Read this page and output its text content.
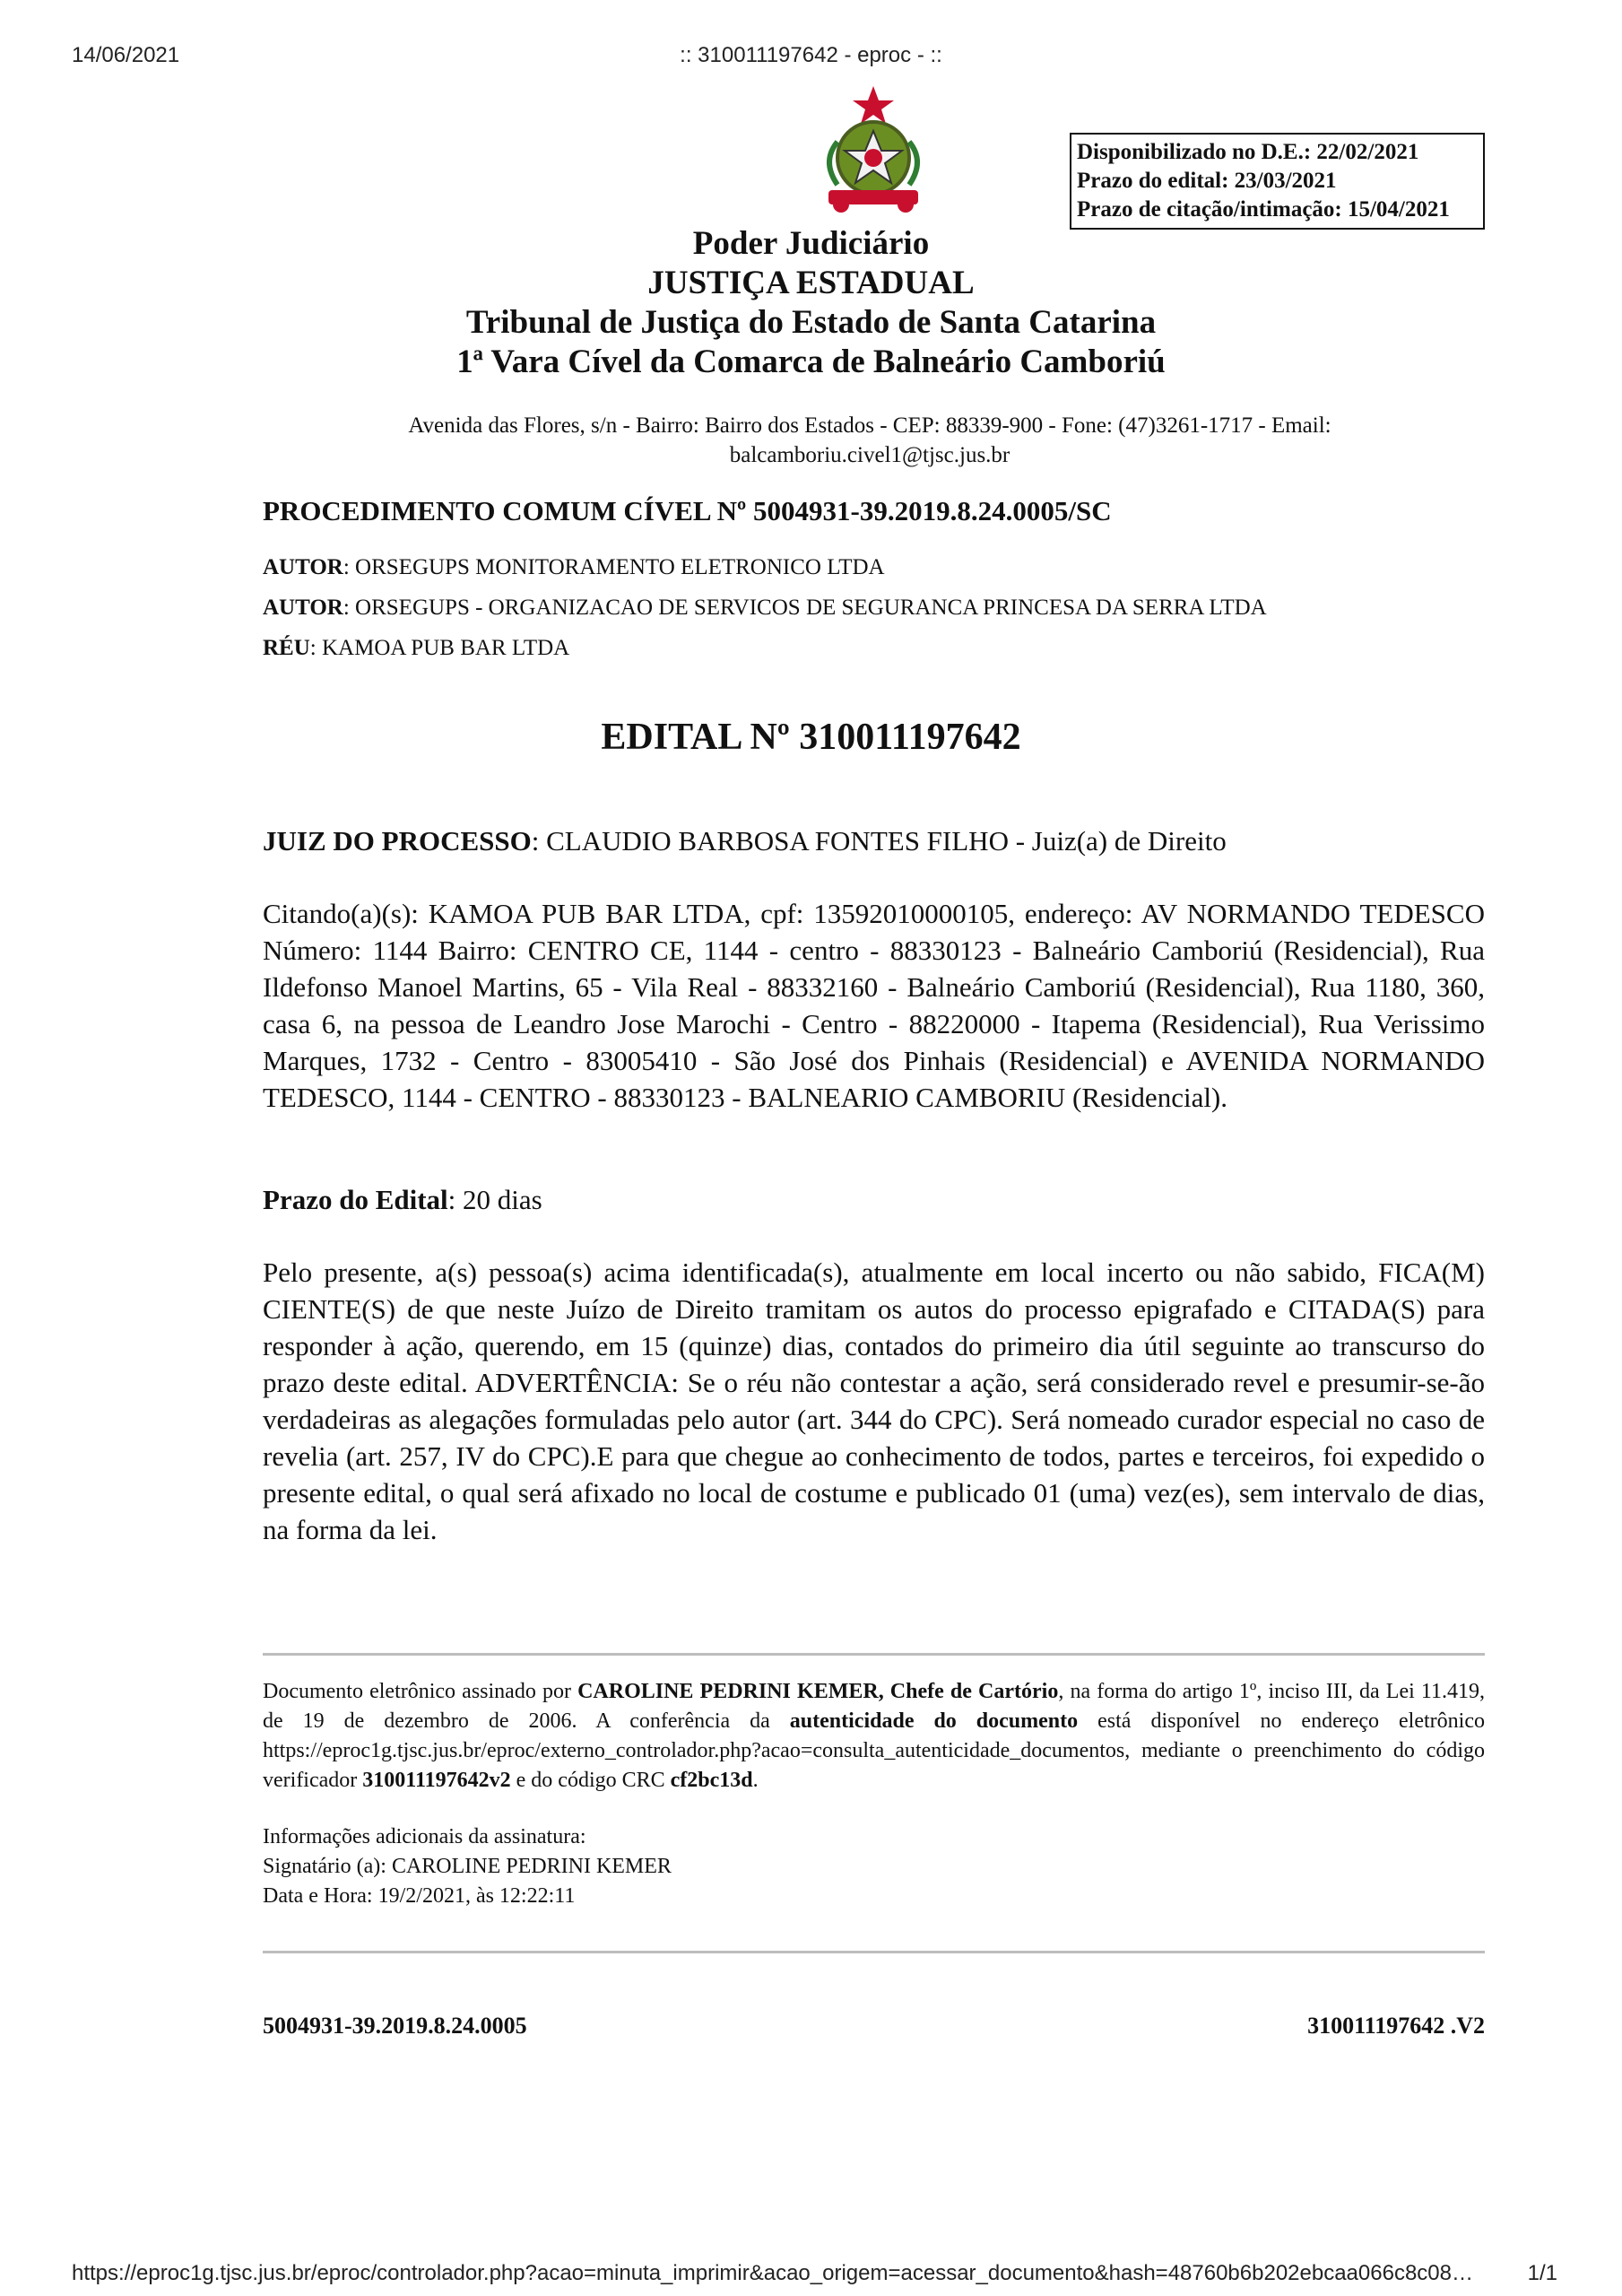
14/06/2021	:: 310011197642 - eproc - ::
Disponibilizado no D.E.: 22/02/2021
Prazo do edital: 23/03/2021
Prazo de citação/intimação: 15/04/2021
Poder Judiciário
JUSTIÇA ESTADUAL
Tribunal de Justiça do Estado de Santa Catarina
1ª Vara Cível da Comarca de Balneário Camboriú
Avenida das Flores, s/n - Bairro: Bairro dos Estados - CEP: 88339-900 - Fone: (47)3261-1717 - Email:
balcamboriu.civel1@tjsc.jus.br
PROCEDIMENTO COMUM CÍVEL Nº 5004931-39.2019.8.24.0005/SC
AUTOR: ORSEGUPS MONITORAMENTO ELETRONICO LTDA
AUTOR: ORSEGUPS - ORGANIZACAO DE SERVICOS DE SEGURANCA PRINCESA DA SERRA LTDA
RÉU: KAMOA PUB BAR LTDA
EDITAL Nº 310011197642
JUIZ DO PROCESSO: CLAUDIO BARBOSA FONTES FILHO - Juiz(a) de Direito
Citando(a)(s): KAMOA PUB BAR LTDA, cpf: 13592010000105, endereço: AV NORMANDO TEDESCO Número: 1144 Bairro: CENTRO CE, 1144 - centro - 88330123 - Balneário Camboriú (Residencial), Rua Ildefonso Manoel Martins, 65 - Vila Real - 88332160 - Balneário Camboriú (Residencial), Rua 1180, 360, casa 6, na pessoa de Leandro Jose Marochi - Centro - 88220000 - Itapema (Residencial), Rua Verissimo Marques, 1732 - Centro - 83005410 - São José dos Pinhais (Residencial) e AVENIDA NORMANDO TEDESCO, 1144 - CENTRO - 88330123 - BALNEARIO CAMBORIU (Residencial).
Prazo do Edital: 20 dias
Pelo presente, a(s) pessoa(s) acima identificada(s), atualmente em local incerto ou não sabido, FICA(M) CIENTE(S) de que neste Juízo de Direito tramitam os autos do processo epigrafado e CITADA(S) para responder à ação, querendo, em 15 (quinze) dias, contados do primeiro dia útil seguinte ao transcurso do prazo deste edital. ADVERTÊNCIA: Se o réu não contestar a ação, será considerado revel e presumir-se-ão verdadeiras as alegações formuladas pelo autor (art. 344 do CPC). Será nomeado curador especial no caso de revelia (art. 257, IV do CPC).E para que chegue ao conhecimento de todos, partes e terceiros, foi expedido o presente edital, o qual será afixado no local de costume e publicado 01 (uma) vez(es), sem intervalo de dias, na forma da lei.
Documento eletrônico assinado por CAROLINE PEDRINI KEMER, Chefe de Cartório, na forma do artigo 1º, inciso III, da Lei 11.419, de 19 de dezembro de 2006. A conferência da autenticidade do documento está disponível no endereço eletrônico https://eproc1g.tjsc.jus.br/eproc/externo_controlador.php?acao=consulta_autenticidade_documentos, mediante o preenchimento do código verificador 310011197642v2 e do código CRC cf2bc13d.
Informações adicionais da assinatura:
Signatário (a): CAROLINE PEDRINI KEMER
Data e Hora: 19/2/2021, às 12:22:11
5004931-39.2019.8.24.0005	310011197642 .V2
https://eproc1g.tjsc.jus.br/eproc/controlador.php?acao=minuta_imprimir&acao_origem=acessar_documento&hash=48760b6b202ebcaa066c8c08…	1/1
